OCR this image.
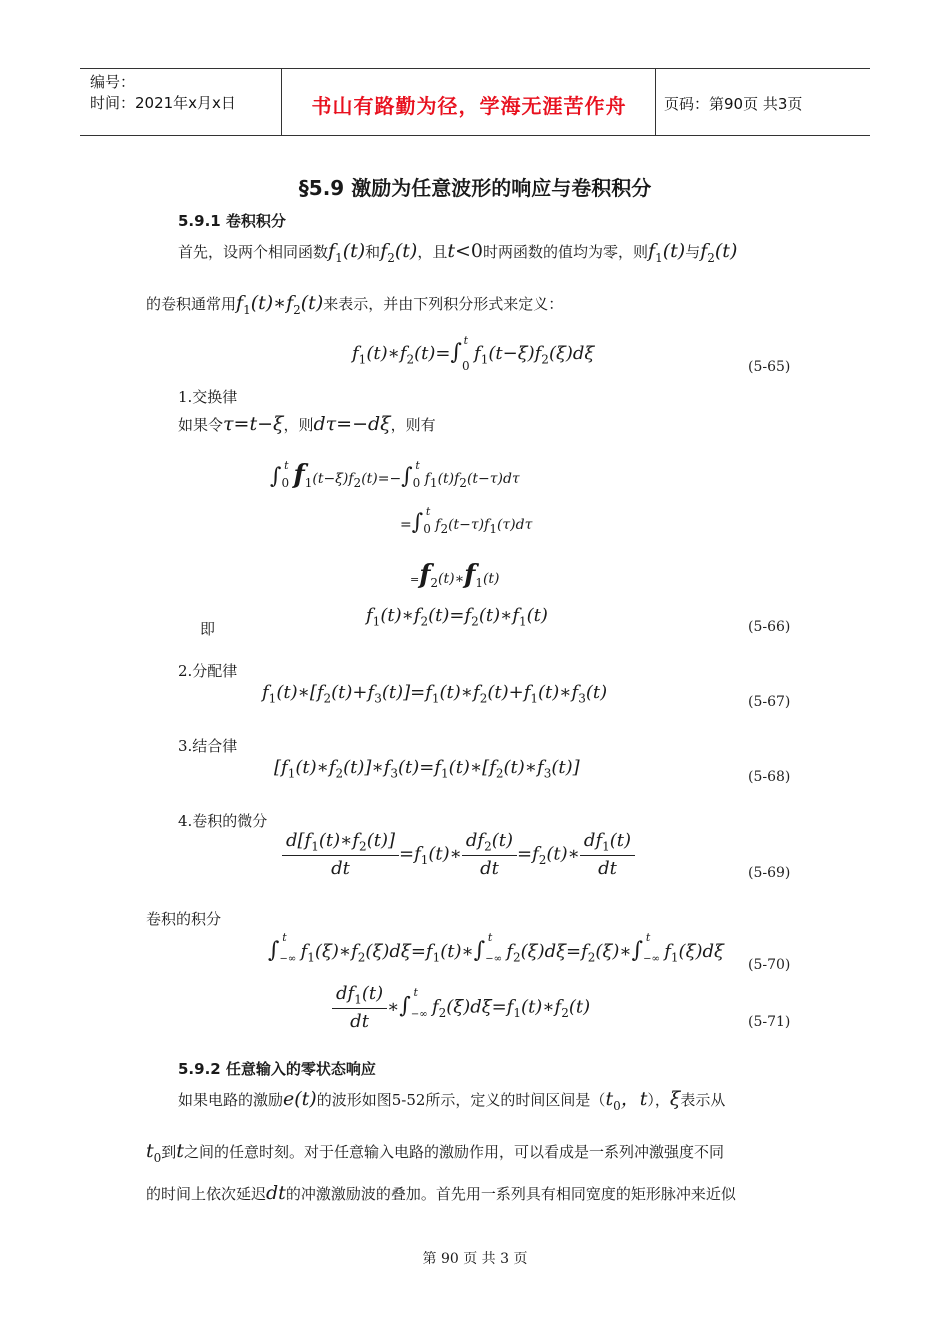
编号：
时间：2021年x月x日	书山有路勤为径，学海无涯苦作舟	页码：第90页 共3页
§5.9 激励为任意波形的响应与卷积积分
5.9.1 卷积积分
首先，设两个相同函数$f_1(t)$和$f_2(t)$，且t<0时两函数的值均为零，则$f_1(t)$与$f_2(t)$
的卷积通常用$f_1(t)∗f_2(t)$来表示，并由下列积分形式来定义：
$f_1(t)∗f_2(t)=\int_0^tf_1(t-\xi)f_2(\xi)d\xi$
(5-65)
1.交换律
如果令τ=t−ξ，则dτ=−dξ，则有
$\int_0^t$ $f_1(t-\xi)f_2(t)=-\int_0^tf_1(t)f_2(t-\tau)d\tau$
$=\int_0^tf_2(t-\tau)f_1(\tau)d\tau$
$=f_2(t)∗f_1(t)$
即
$f_1(t)∗f_2(t)=f_2(t)∗f_1(t)$
(5-66)
2.分配律
$f_1(t)∗[f_2(t)+f_3(t)]=f_1(t)∗f_2(t)+f_1(t)∗f_3(t)$	(5-67)
3.结合律
$[f_1(t)∗f_2(t)]∗f_3(t)=f_1(t)∗[f_2(t)∗f_3(t)]$	(5-68)
4.卷积的微分
$\frac{d[f_1(t)∗f_2(t)]}{dt}$ $=f_1(t)∗ \frac{df_2(t)}{dt}$ $=f_2(t)∗ \frac{df_1(t)}{dt}$	(5-69)
卷积的积分
$\int_{-\infty}^tf_1(\xi)∗f_2(\xi)d\xi=f_1(t)∗\int_{-\infty}^tf_2(\xi)d\xi=f_2(\xi)∗\int_{-\infty}^tf_1(\xi)d\xi$
(5-70)
$\frac{df_1(t)}{dt}$ $∗\int_{-\infty}^tf_2(\xi)d\xi=f_1(t)∗f_2(t)$
(5-71)
5.9.2 任意输入的零状态响应
如果电路的激励e(t)的波形如图5-52所示，定义的时间区间是（$t_0$，t），ξ表示从
$t_0$到t之间的任意时刻。对于任意输入电路的激励作用，可以看成是一系列冲激强度不同
的时间上依次延迟dt的冲激激励波的叠加。首先用一系列具有相同宽度的矩形脉冲来近似
第 90 页 共 3 页
